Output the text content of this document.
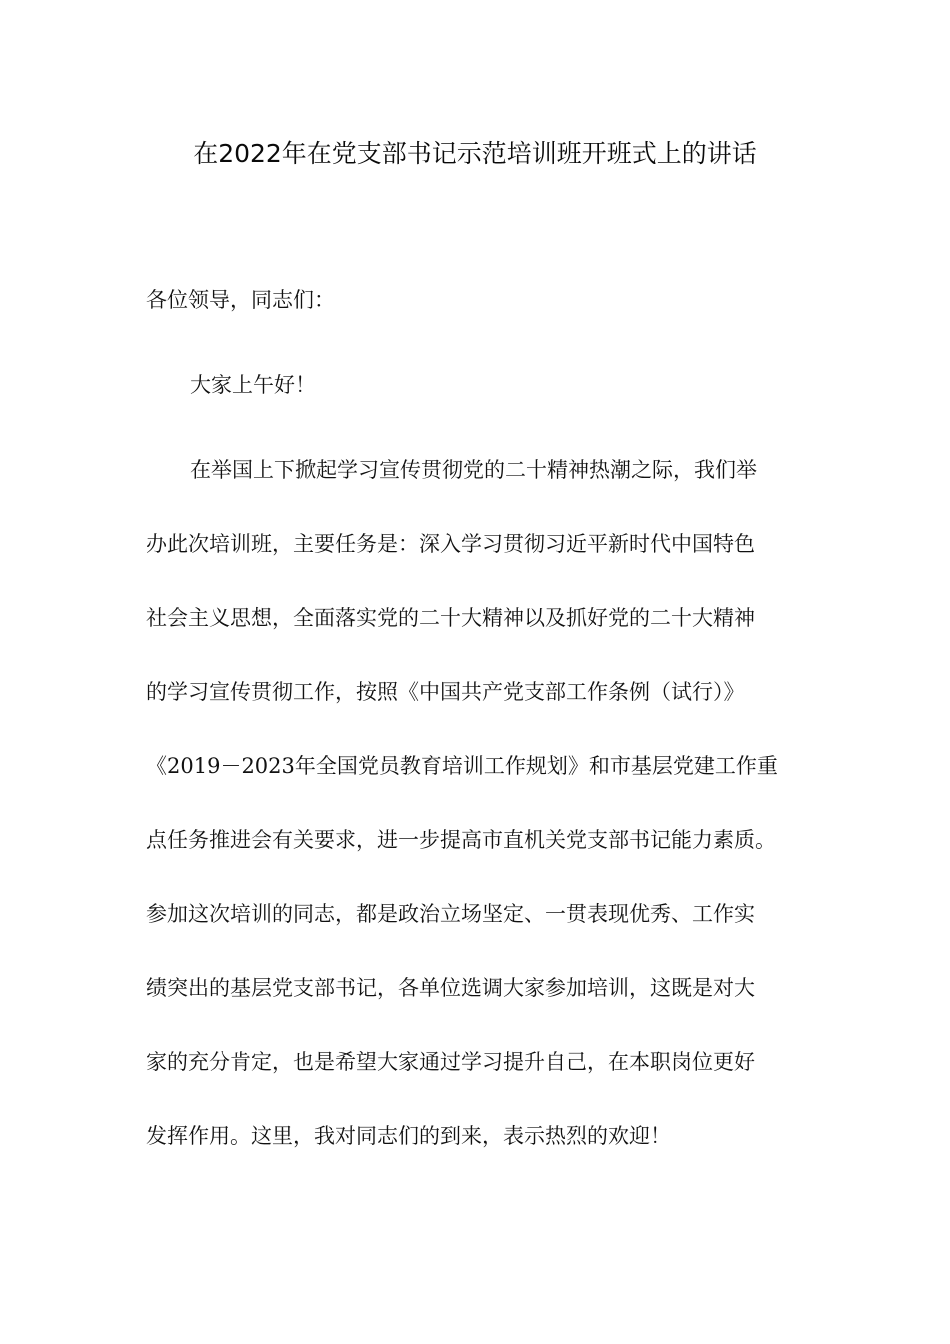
在2022年在党支部书记示范培训班开班式上的讲话
各位领导，同志们：
大家上午好！
在举国上下掀起学习宣传贯彻党的二十精神热潮之际，我们举
办此次培训班，主要任务是：深入学习贯彻习近平新时代中国特色
社会主义思想，全面落实党的二十大精神以及抓好党的二十大精神
的学习宣传贯彻工作，按照《中国共产党支部工作条例（试行）》
《2019－2023年全国党员教育培训工作规划》和市基层党建工作重
点任务推进会有关要求，进一步提高市直机关党支部书记能力素质。
参加这次培训的同志，都是政治立场坚定、一贯表现优秀、工作实
绩突出的基层党支部书记，各单位选调大家参加培训，这既是对大
家的充分肯定，也是希望大家通过学习提升自己，在本职岗位更好
发挥作用。这里，我对同志们的到来，表示热烈的欢迎！
